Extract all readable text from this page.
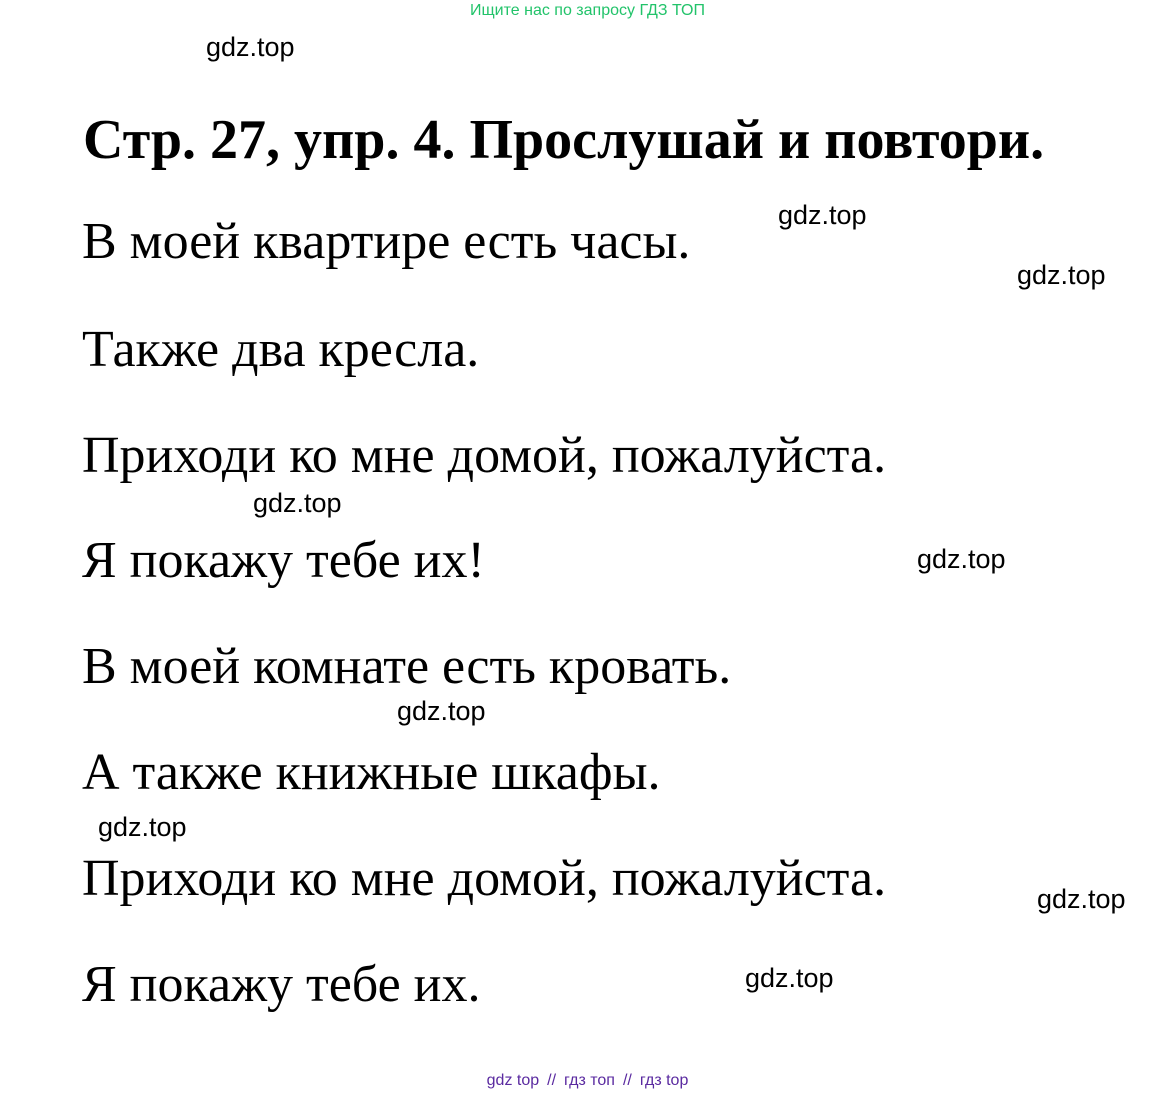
Ищите нас по запросу ГДЗ ТОП
gdz.top
Стр. 27, упр. 4. Прослушай и повтори.

В моей квартире есть часы.	gdz.top
gdz.top

Также два кресла.

Приходи ко мне домой, пожалуйста.

gdz.top

Я покажу тебе их!	gdz.top

В моей комнате есть кровать.

gdz.top

А также книжные шкафы.

gdz.top

Приходи ко мне домой, пожалуйста.	gdz.top

Я покажу тебе их.	gdz.top
gdz top // гдз топ // гдз top
